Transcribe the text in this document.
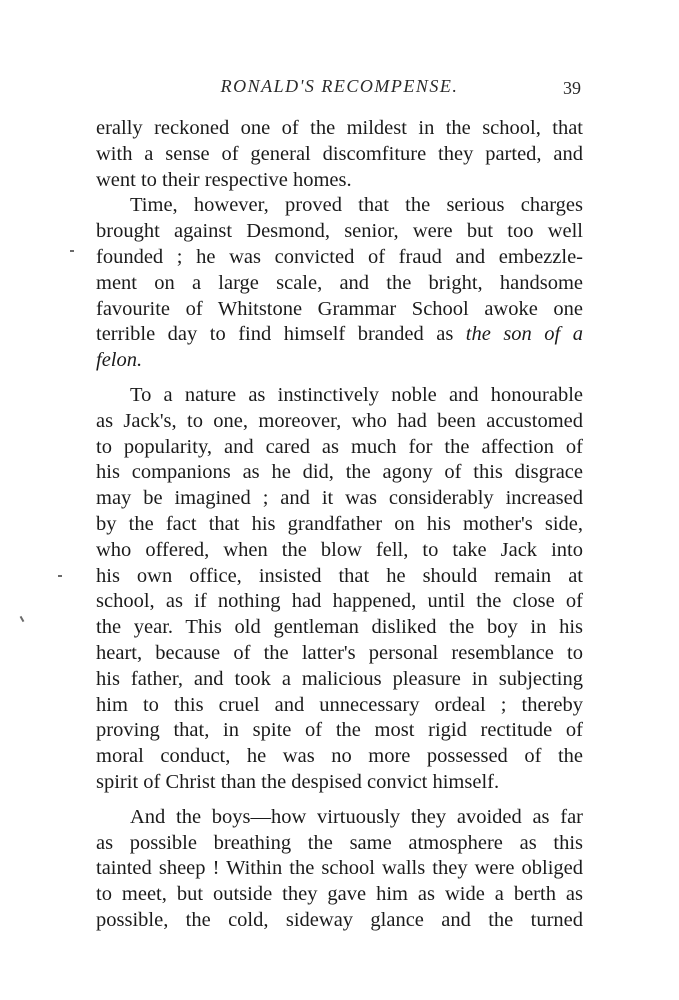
RONALD'S RECOMPENSE.	39
erally reckoned one of the mildest in the school, that
with a sense of general discomfiture they parted, and
went to their respective homes.
Time, however, proved that the serious charges
brought against Desmond, senior, were but too well
founded ; he was convicted of fraud and embezzle-
ment on a large scale, and the bright, handsome
favourite of Whitstone Grammar School awoke one
terrible day to find himself branded as the son of a
felon.
To a nature as instinctively noble and honourable
as Jack's, to one, moreover, who had been accustomed
to popularity, and cared as much for the affection of
his companions as he did, the agony of this disgrace
may be imagined ; and it was considerably increased
by the fact that his grandfather on his mother's side,
who offered, when the blow fell, to take Jack into
his own office, insisted that he should remain at
school, as if nothing had happened, until the close of
the year. This old gentleman disliked the boy in his
heart, because of the latter's personal resemblance to
his father, and took a malicious pleasure in subjecting
him to this cruel and unnecessary ordeal ; thereby
proving that, in spite of the most rigid rectitude of
moral conduct, he was no more possessed of the
spirit of Christ than the despised convict himself.
And the boys—how virtuously they avoided as far
as possible breathing the same atmosphere as this
tainted sheep ! Within the school walls they were obliged
to meet, but outside they gave him as wide a berth as
possible, the cold, sideway glance and the turned
